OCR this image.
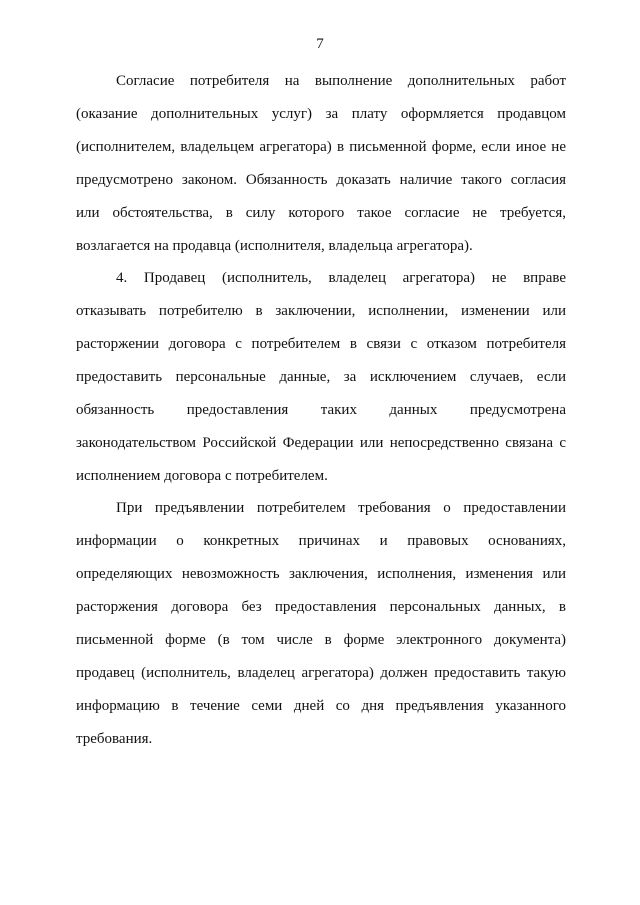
7
Согласие потребителя на выполнение дополнительных работ
(оказание дополнительных услуг) за плату оформляется продавцом
(исполнителем, владельцем агрегатора) в письменной форме, если иное не
предусмотрено законом. Обязанность доказать наличие такого согласия
или обстоятельства, в силу которого такое согласие не требуется,
возлагается на продавца (исполнителя, владельца агрегатора).
4. Продавец (исполнитель, владелец агрегатора) не вправе
отказывать потребителю в заключении, исполнении, изменении или
расторжении договора с потребителем в связи с отказом потребителя
предоставить персональные данные, за исключением случаев, если
обязанность предоставления таких данных предусмотрена
законодательством Российской Федерации или непосредственно связана с
исполнением договора с потребителем.
При предъявлении потребителем требования о предоставлении
информации о конкретных причинах и правовых основаниях,
определяющих невозможность заключения, исполнения, изменения или
расторжения договора без предоставления персональных данных, в
письменной форме (в том числе в форме электронного документа)
продавец (исполнитель, владелец агрегатора) должен предоставить такую
информацию в течение семи дней со дня предъявления указанного
требования.
